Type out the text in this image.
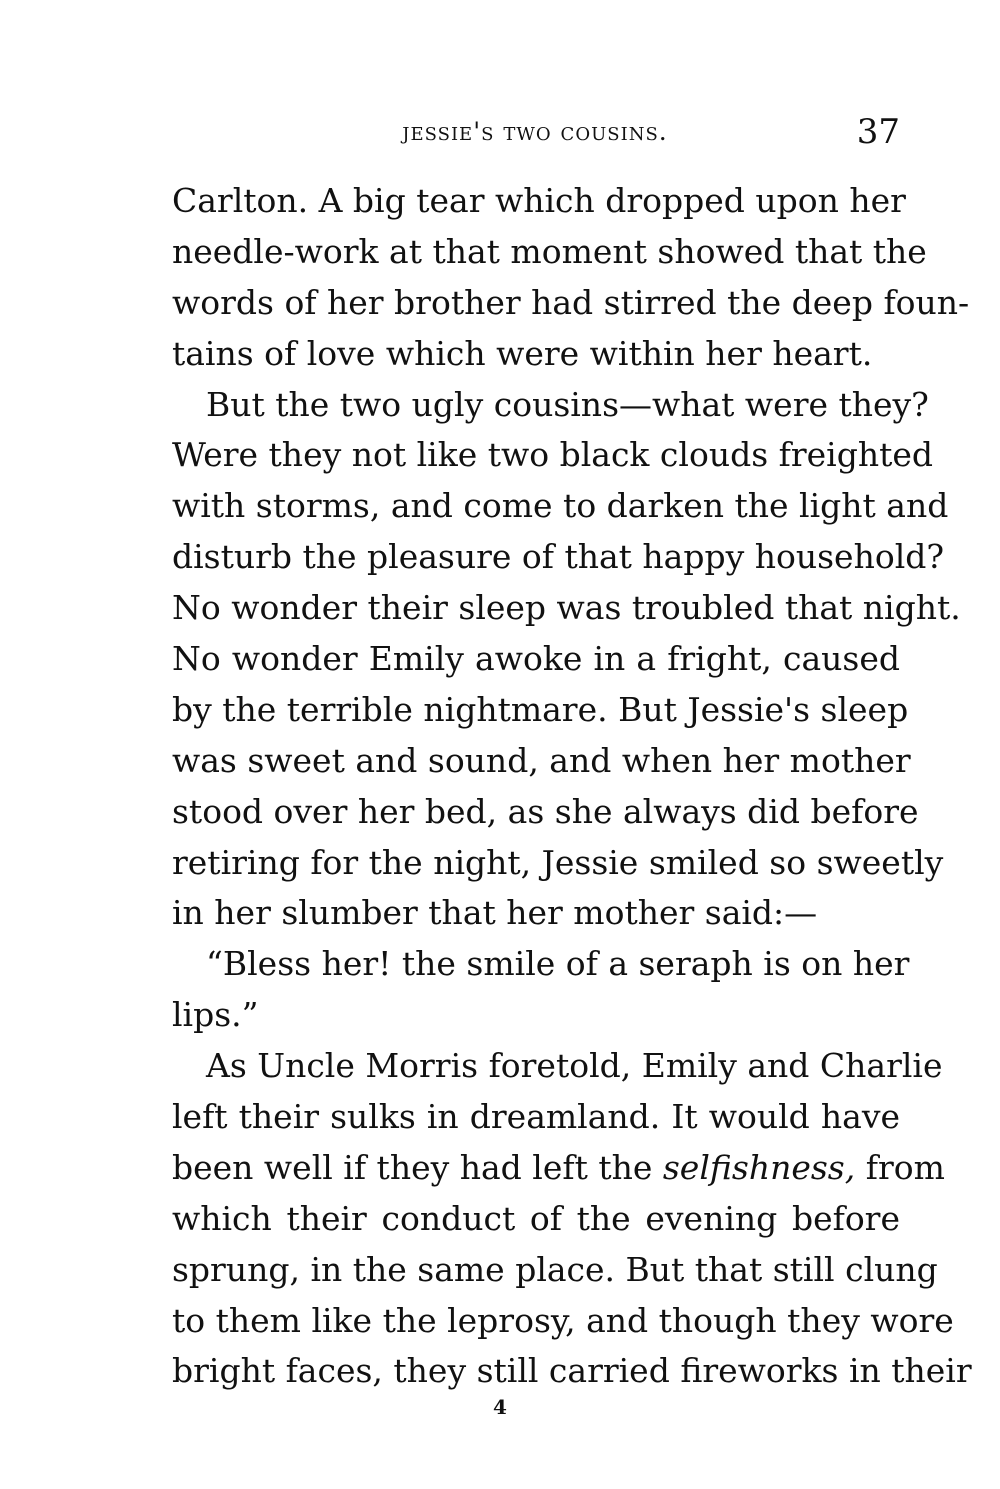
jessie's two cousins.	37
Carlton. A big tear which dropped upon her
needle-work at that moment showed that the
words of her brother had stirred the deep foun-
tains of love which were within her heart.
But the two ugly cousins—what were they?
Were they not like two black clouds freighted
with storms, and come to darken the light and
disturb the pleasure of that happy household?
No wonder their sleep was troubled that night.
No wonder Emily awoke in a fright, caused
by the terrible nightmare. But Jessie's sleep
was sweet and sound, and when her mother
stood over her bed, as she always did before
retiring for the night, Jessie smiled so sweetly
in her slumber that her mother said:—
“Bless her! the smile of a seraph is on her
lips.”
As Uncle Morris foretold, Emily and Charlie
left their sulks in dreamland. It would have
been well if they had left the selfishness, from
which their conduct of the evening before
sprung, in the same place. But that still clung
to them like the leprosy, and though they wore
bright faces, they still carried fireworks in their
4
